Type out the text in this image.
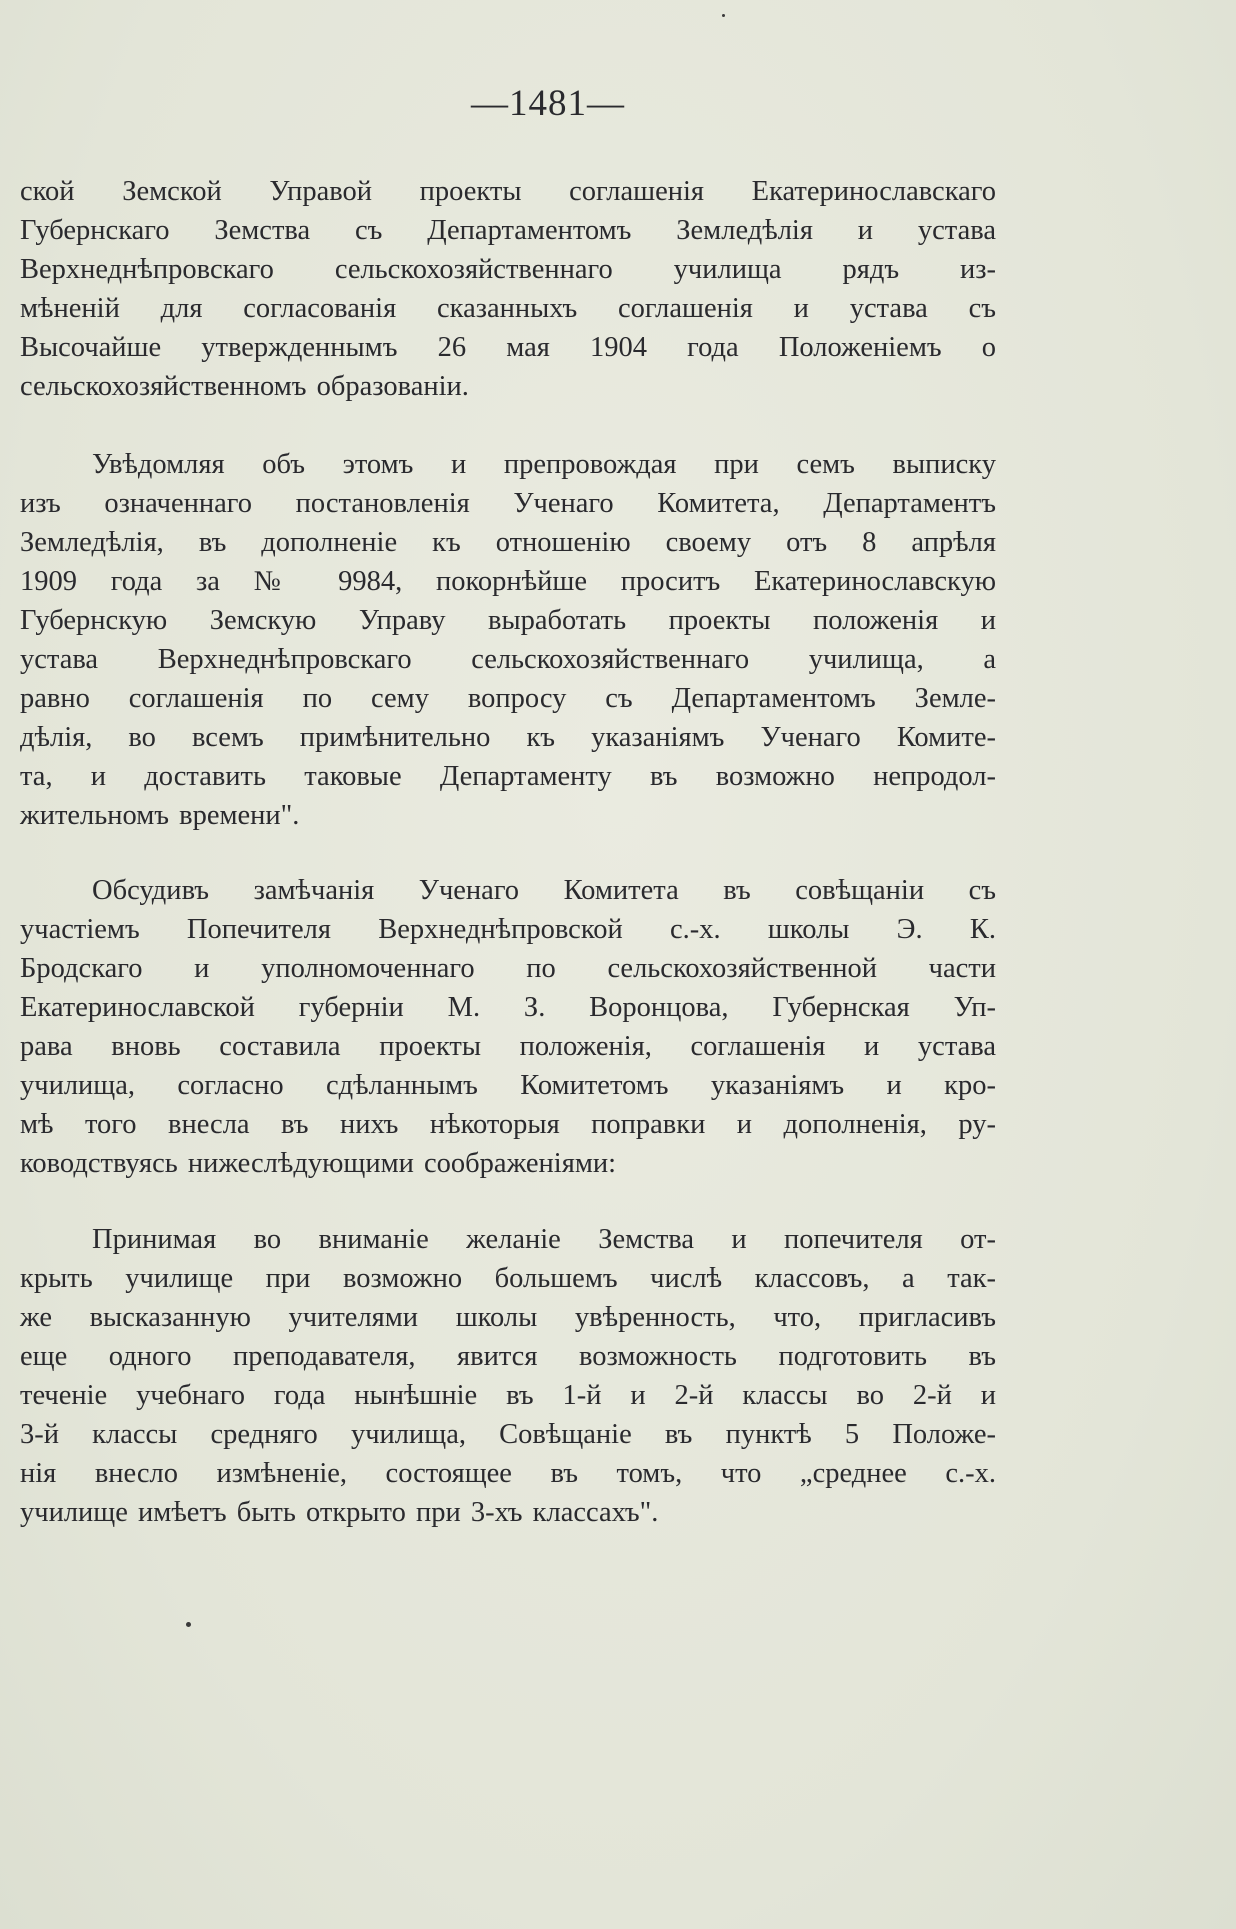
—1481—
ской Земской Управой проекты соглашенія Екатеринославскаго
Губернскаго Земства съ Департаментомъ Земледѣлія и устава
Верхнеднѣпровскаго сельскохозяйственнаго училища рядъ из-
мѣненій для согласованія сказанныхъ соглашенія и устава съ
Высочайше утвержденнымъ 26 мая 1904 года Положеніемъ о
сельскохозяйственномъ образованіи.
Увѣдомляя объ этомъ и препровождая при семъ выписку
изъ означеннаго постановленія Ученаго Комитета, Департаментъ
Земледѣлія, въ дополненіе къ отношенію своему отъ 8 апрѣля
1909 года за № 9984, покорнѣйше проситъ Екатеринославскую
Губернскую Земскую Управу выработать проекты положенія и
устава Верхнеднѣпровскаго сельскохозяйственнаго училища, а
равно соглашенія по сему вопросу съ Департаментомъ Земле-
дѣлія, во всемъ примѣнительно къ указаніямъ Ученаго Комите-
та, и доставить таковые Департаменту въ возможно непродол-
жительномъ времени".
Обсудивъ замѣчанія Ученаго Комитета въ совѣщаніи съ
участіемъ Попечителя Верхнеднѣпровской с.-х. школы Э. К.
Бродскаго и уполномоченнаго по сельскохозяйственной части
Екатеринославской губерніи М. З. Воронцова, Губернская Уп-
рава вновь составила проекты положенія, соглашенія и устава
училища, согласно сдѣланнымъ Комитетомъ указаніямъ и кро-
мѣ того внесла въ нихъ нѣкоторыя поправки и дополненія, ру-
ководствуясь нижеслѣдующими соображеніями:
Принимая во вниманіе желаніе Земства и попечителя от-
крыть училище при возможно большемъ числѣ классовъ, а так-
же высказанную учителями школы увѣренность, что, пригласивъ
еще одного преподавателя, явится возможность подготовить въ
теченіе учебнаго года нынѣшніе въ 1-й и 2-й классы во 2-й и
3-й классы средняго училища, Совѣщаніе въ пунктѣ 5 Положе-
нія внесло измѣненіе, состоящее въ томъ, что „среднее с.-х.
училище имѣетъ быть открыто при 3-хъ классахъ".
